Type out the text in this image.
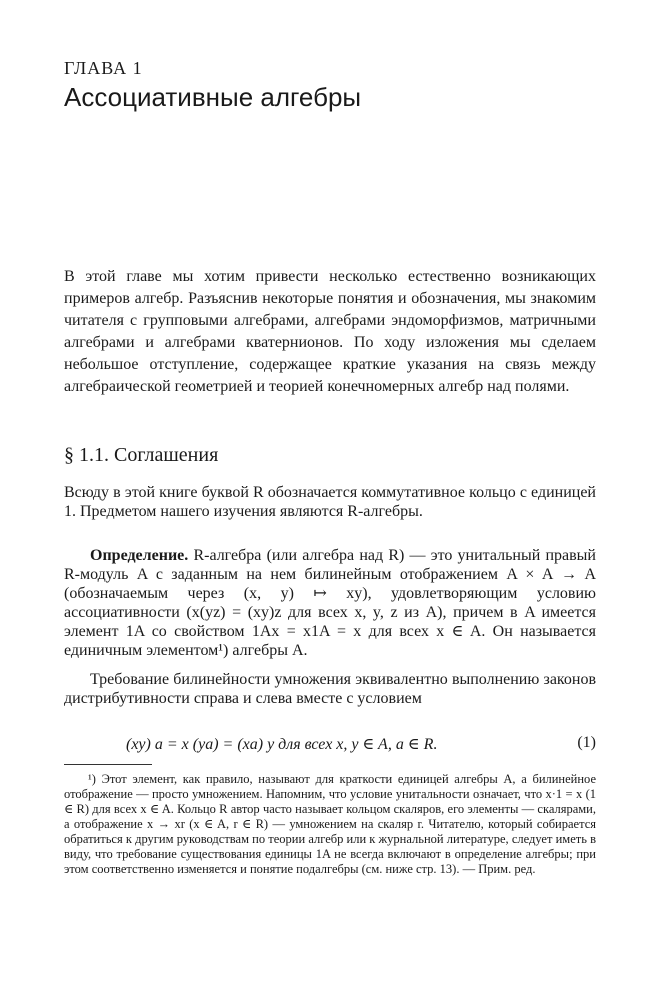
ГЛАВА 1
Ассоциативные алгебры
В этой главе мы хотим привести несколько естественно возникающих примеров алгебр. Разъяснив некоторые понятия и обозначения, мы знакомим читателя с групповыми алгебрами, алгебрами эндоморфизмов, матричными алгебрами и алгебрами кватернионов. По ходу изложения мы сделаем небольшое отступление, содержащее краткие указания на связь между алгебраической геометрией и теорией конечномерных алгебр над полями.
§ 1.1. Соглашения
Всюду в этой книге буквой R обозначается коммутативное кольцо с единицей 1. Предметом нашего изучения являются R-алгебры.
Определение. R-алгебра (или алгебра над R) — это унитальный правый R-модуль A с заданным на нем билинейным отображением A × A → A (обозначаемым через (x, y) ↦ xy), удовлетворяющим условию ассоциативности (x(yz) = (xy)z для всех x, y, z из A), причем в A имеется элемент 1A со свойством 1Ax = x1A = x для всех x ∈ A. Он называется единичным элементом¹) алгебры A.
Требование билинейности умножения эквивалентно выполнению законов дистрибутивности справа и слева вместе с условием
(xy) a = x (ya) = (xa) y для всех x, y ∈ A, a ∈ R.	(1)
¹) Этот элемент, как правило, называют для краткости единицей алгебры A, а билинейное отображение — просто умножением. Напомним, что условие унитальности означает, что x·1 = x (1 ∈ R) для всех x ∈ A. Кольцо R автор часто называет кольцом скаляров, его элементы — скалярами, а отображение x → xr (x ∈ A, r ∈ R) — умножением на скаляр r. Читателю, который собирается обратиться к другим руководствам по теории алгебр или к журнальной литературе, следует иметь в виду, что требование существования единицы 1A не всегда включают в определение алгебры; при этом соответственно изменяется и понятие подалгебры (см. ниже стр. 13). — Прим. ред.
